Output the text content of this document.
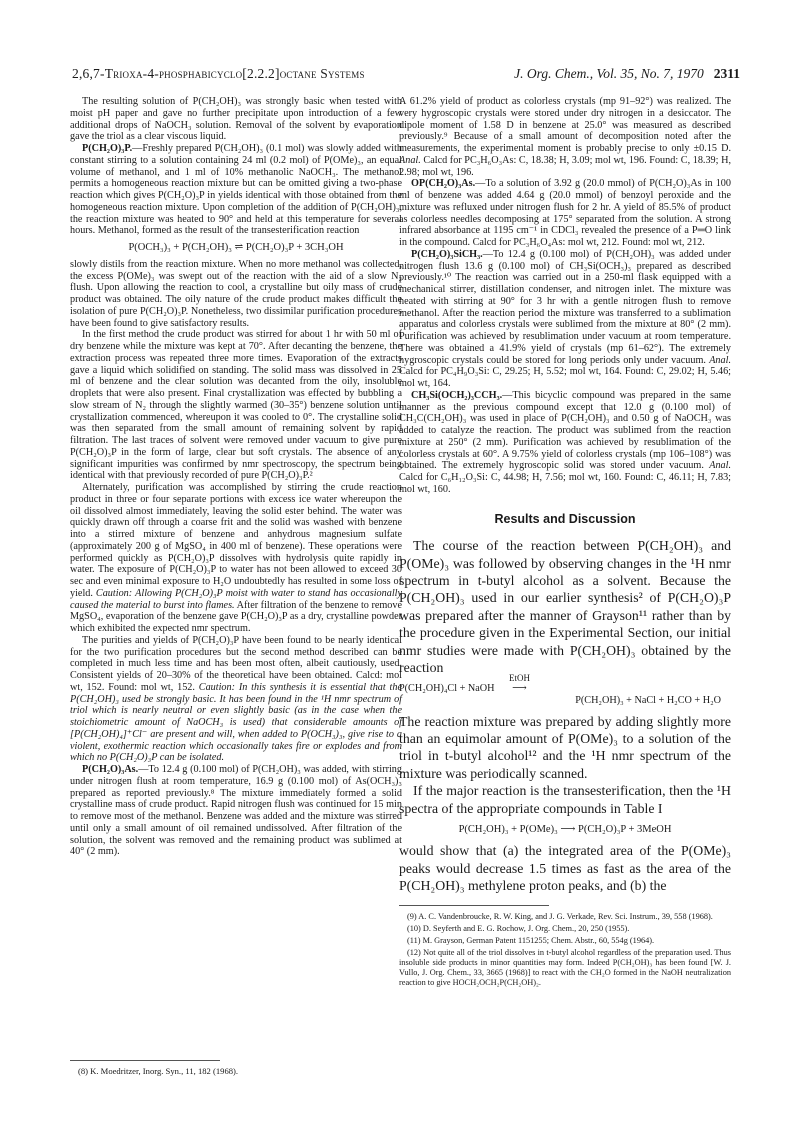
2,6,7-Trioxa-4-phosphabicyclo[2.2.2]octane Systems	J. Org. Chem., Vol. 35, No. 7, 1970 2311

The resulting solution of P(CH₂OH)₃ was strongly basic when tested with moist pH paper and gave no further precipitate upon introduction of a few additional drops of NaOCH₃ solution. Removal of the solvent by evaporation gave the triol as a clear viscous liquid.

P(CH₂O)₃P.—Freshly prepared P(CH₂OH)₃ (0.1 mol) was slowly added with constant stirring to a solution containing 24 ml (0.2 mol) of P(OMe)₃, an equal volume of methanol, and 1 ml of 10% methanolic NaOCH₃. The methanol permits a homogeneous reaction mixture but can be omitted giving a two-phase reaction which gives P(CH₂O)₃P in yields identical with those obtained from the homogeneous reaction mixture. Upon completion of the addition of P(CH₂OH)₃, the reaction mixture was heated to 90° and held at this temperature for several hours. Methanol, formed as the result of the transesterification reaction

P(OCH₃)₃ + P(CH₂OH)₃ ⇌ P(CH₂O)₃P + 3CH₃OH

slowly distils from the reaction mixture. When no more methanol was collected, the excess P(OMe)₃ was swept out of the reaction with the aid of a slow N₂ flush. Upon allowing the reaction to cool, a crystalline but oily mass of crude product was obtained. The oily nature of the crude product makes difficult the isolation of pure P(CH₂O)₃P. Nonetheless, two dissimilar purification procedures have been found to give satisfactory results.

In the first method the crude product was stirred for about 1 hr with 50 ml of dry benzene while the mixture was kept at 70°. After decanting the benzene, the extraction process was repeated three more times. Evaporation of the extracts gave a liquid which solidified on standing. The solid mass was dissolved in 25 ml of benzene and the clear solution was decanted from the oily, insoluble droplets that were also present. Final crystallization was effected by bubbling a slow stream of N₂ through the slightly warmed (30–35°) benzene solution until crystallization commenced, whereupon it was cooled to 0°. The crystalline solid was then separated from the small amount of remaining solvent by rapid filtration. The last traces of solvent were removed under vacuum to give pure P(CH₂O)₃P in the form of large, clear but soft crystals. The absence of any significant impurities was confirmed by nmr spectroscopy, the spectrum being identical with that previously recorded of pure P(CH₂O)₃P.²

Alternately, purification was accomplished by stirring the crude reaction product in three or four separate portions with excess ice water whereupon the oil dissolved almost immediately, leaving the solid ester behind. The water was quickly drawn off through a coarse frit and the solid was washed with benzene into a stirred mixture of benzene and anhydrous magnesium sulfate (approximately 200 g of MgSO₄ in 400 ml of benzene). These operations were performed quickly as P(CH₂O)₃P dissolves with hydrolysis quite rapidly in water. The exposure of P(CH₂O)₃P to water has not been allowed to exceed 30 sec and even minimal exposure to H₂O undoubtedly has resulted in some loss of yield. Caution: Allowing P(CH₂O)₃P moist with water to stand has occasionally caused the material to burst into flames. After filtration of the benzene to remove MgSO₄, evaporation of the benzene gave P(CH₂O)₃P as a dry, crystalline powder which exhibited the expected nmr spectrum.

The purities and yields of P(CH₂O)₃P have been found to be nearly identical for the two purification procedures but the second method described can be completed in much less time and has been most often, albeit cautiously, used. Consistent yields of 20–30% of the theoretical have been obtained. Calcd: mol wt, 152. Found: mol wt, 152. Caution: In this synthesis it is essential that the P(CH₂OH)₃ used be strongly basic. It has been found in the ¹H nmr spectrum of triol which is nearly neutral or even slightly basic (as in the case when the stoichiometric amount of NaOCH₃ is used) that considerable amounts of [P(CH₂OH)₄]⁺Cl⁻ are present and will, when added to P(OCH₃)₃, give rise to a violent, exothermic reaction which occasionally takes fire or explodes and from which no P(CH₂O)₃P can be isolated.

P(CH₂O)₃As.—To 12.4 g (0.100 mol) of P(CH₂OH)₃ was added, with stirring under nitrogen flush at room temperature, 16.9 g (0.100 mol) of As(OCH₃)₃ prepared as reported previously.⁸ The mixture immediately formed a solid crystalline mass of crude product. Rapid nitrogen flush was continued for 15 min to remove most of the methanol. Benzene was added and the mixture was stirred until only a small amount of oil remained undissolved. After filtration of the solution, the solvent was removed and the remaining product was sublimed at 40° (2 mm).

(8) K. Moedritzer, Inorg. Syn., 11, 182 (1968).

A 61.2% yield of product as colorless crystals (mp 91–92°) was realized. The very hygroscopic crystals were stored under dry nitrogen in a desiccator. The dipole moment of 1.58 D in benzene at 25.0° was measured as described previously.⁹ Because of a small amount of decomposition noted after the measurements, the experimental moment is probably precise to only ±0.15 D. Anal. Calcd for PC₃H₆O₃As: C, 18.38; H, 3.09; mol wt, 196. Found: C, 18.39; H, 2.98; mol wt, 196.

OP(CH₂O)₃As.—To a solution of 3.92 g (20.0 mmol) of P(CH₂O)₃As in 100 ml of benzene was added 4.64 g (20.0 mmol) of benzoyl peroxide and the mixture was refluxed under nitrogen flush for 2 hr. A yield of 85.5% of product as colorless needles decomposing at 175° separated from the solution. A strong infrared absorbance at 1195 cm⁻¹ in CDCl₃ revealed the presence of a P═O link in the compound. Calcd for PC₃H₆O₄As: mol wt, 212. Found: mol wt, 212.

P(CH₂O)₃SiCH₃.—To 12.4 g (0.100 mol) of P(CH₂OH)₃ was added under nitrogen flush 13.6 g (0.100 mol) of CH₃Si(OCH₃)₃ prepared as described previously.¹⁰ The reaction was carried out in a 250-ml flask equipped with a mechanical stirrer, distillation condenser, and nitrogen inlet. The mixture was heated with stirring at 90° for 3 hr with a gentle nitrogen flush to remove methanol. After the reaction period the mixture was transferred to a sublimation apparatus and colorless crystals were sublimed from the mixture at 80° (2 mm). Purification was achieved by resublimation under vacuum at room temperature. There was obtained a 41.9% yield of crystals (mp 61–62°). The extremely hygroscopic crystals could be stored for long periods only under vacuum. Anal. Calcd for PC₄H₉O₃Si: C, 29.25; H, 5.52; mol wt, 164. Found: C, 29.02; H, 5.46; mol wt, 164.

CH₃Si(OCH₂)₃CCH₃.—This bicyclic compound was prepared in the same manner as the previous compound except that 12.0 g (0.100 mol) of CH₃C(CH₂OH)₃ was used in place of P(CH₂OH)₃ and 0.50 g of NaOCH₃ was added to catalyze the reaction. The product was sublimed from the reaction mixture at 250° (2 mm). Purification was achieved by resublimation of the colorless crystals at 60°. A 9.75% yield of colorless crystals (mp 106–108°) was obtained. The extremely hygroscopic solid was stored under vacuum. Anal. Calcd for C₆H₁₂O₃Si: C, 44.98; H, 7.56; mol wt, 160. Found: C, 46.11; H, 7.83; mol wt, 160.

Results and Discussion

The course of the reaction between P(CH₂OH)₃ and P(OMe)₃ was followed by observing changes in the ¹H nmr spectrum in t-butyl alcohol as a solvent. Because the P(CH₂OH)₃ used in our earlier synthesis² of P(CH₂O)₃P was prepared after the manner of Grayson¹¹ rather than by the procedure given in the Experimental Section, our initial nmr studies were made with P(CH₂OH)₃ obtained by the reaction

P(CH₂OH)₄Cl + NaOH
EtOH
⟶
P(CH₂OH)₃ + NaCl + H₂CO + H₂O

The reaction mixture was prepared by adding slightly more than an equimolar amount of P(OMe)₃ to a solution of the triol in t-butyl alcohol¹² and the ¹H nmr spectrum of the mixture was periodically scanned.

If the major reaction is the transesterification, then the ¹H spectra of the appropriate compounds in Table I

P(CH₂OH)₃ + P(OMe)₃ ⟶ P(CH₂O)₃P + 3MeOH

would show that (a) the integrated area of the P(OMe)₃ peaks would decrease 1.5 times as fast as the area of the P(CH₂OH)₃ methylene proton peaks, and (b) the

(9) A. C. Vandenbroucke, R. W. King, and J. G. Verkade, Rev. Sci. Instrum., 39, 558 (1968).

(10) D. Seyferth and E. G. Rochow, J. Org. Chem., 20, 250 (1955).

(11) M. Grayson, German Patent 1151255; Chem. Abstr., 60, 554g (1964).

(12) Not quite all of the triol dissolves in t-butyl alcohol regardless of the preparation used. Thus insoluble side products in minor quantities may form. Indeed P(CH₂OH)₃ has been found [W. J. Vullo, J. Org. Chem., 33, 3665 (1968)] to react with the CH₂O formed in the NaOH neutralization reaction to give HOCH₂OCH₂P(CH₂OH)₂.
